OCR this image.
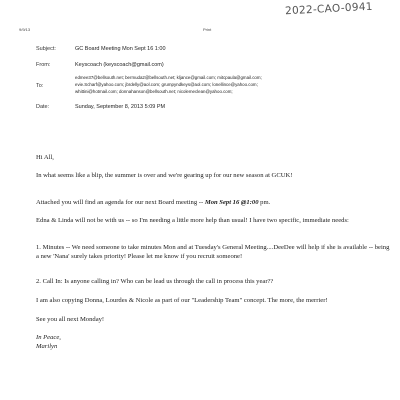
2022-CAO-0941
9/9/13	Print
Subject:	GC Board Meeting Mon Sept 16 1:00
From:	Keyscoach (keyscoach@gmail.com)
To:
edmee37@bellsouth.net; bermuda2@bellsouth.net; kljance@gmail.com; mitcpaula@gmail.com;
evie.Scharf@yahoo.com; jbrdelly@aol.com; grumpyndkeys@aol.com; lonellince@yahoo.com;
whittini@hotmail.com; donnahanson@bellsouth.net; nicolemeclean@yahoo.com;
Date:	Sunday, September 8, 2013 5:09 PM
Hi All,
In what seems like a blip, the summer is over and we're gearing up for our new season at GCUK!
Attached you will find an agenda for our next Board meeting -- Mon Sept 16 @1:00 pm.
Edna & Linda will not be with us -- so I'm needing a little more help than usual! I have two specific, immediate needs:
1. Minutes -- We need someone to take minutes Mon and at Tuesday's General Meeting....DeeDee will help if she is available -- being a new 'Nana' surely takes priority! Please let me know if you recruit someone!
2. Call In: Is anyone calling in? Who can be lead us through the call in process this year??
I am also copying Donna, Lourdes & Nicole as part of our "Leadership Team" concept. The more, the merrier!
See you all next Monday!
In Peace,
Marilyn
